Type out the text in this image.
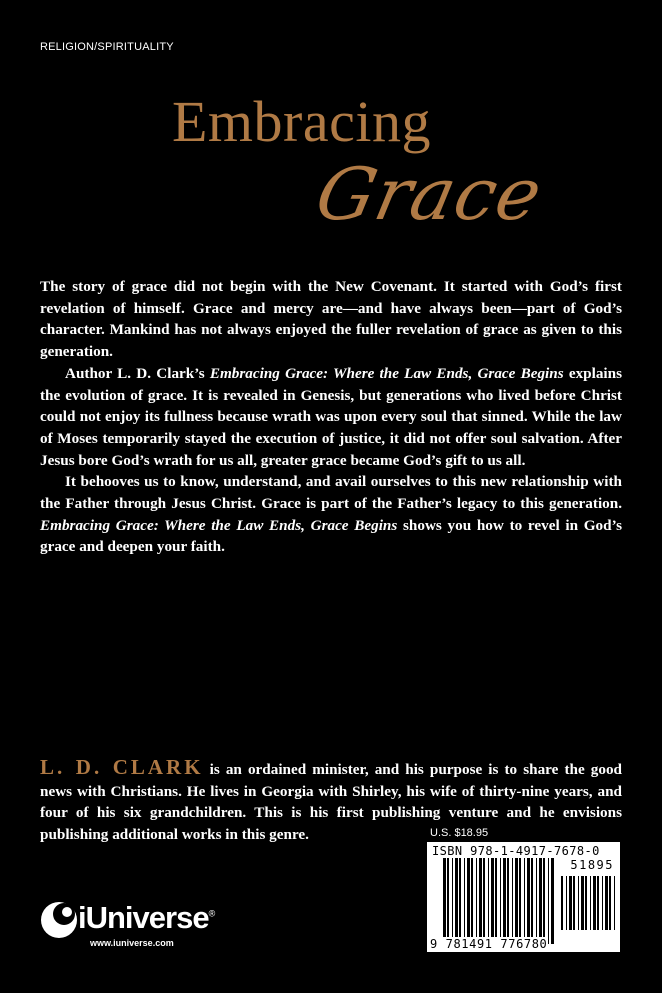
RELIGION/SPIRITUALITY
Embracing
Grace

The story of grace did not begin with the New Covenant. It started with God’s first revelation of himself. Grace and mercy are—and have always been—part of God’s character. Mankind has not always enjoyed the fuller revelation of grace as given to this generation.

Author L. D. Clark’s Embracing Grace: Where the Law Ends, Grace Begins explains the evolution of grace. It is revealed in Genesis, but generations who lived before Christ could not enjoy its fullness because wrath was upon every soul that sinned. While the law of Moses temporarily stayed the execution of justice, it did not offer soul salvation. After Jesus bore God’s wrath for us all, greater grace became God’s gift to us all.

It behooves us to know, understand, and avail ourselves to this new relationship with the Father through Jesus Christ. Grace is part of the Father’s legacy to this generation. Embracing Grace: Where the Law Ends, Grace Begins shows you how to revel in God’s grace and deepen your faith.

L. D. CLARK is an ordained minister, and his purpose is to share the good news with Christians. He lives in Georgia with Shirley, his wife of thirty-nine years, and four of his six grandchildren. This is his first publishing venture and he envisions publishing additional works in this genre.	U.S. $18.95
ISBN 978-1-4917-7678-0
51895
9 781491 776780
iUniverse®
www.iuniverse.com
